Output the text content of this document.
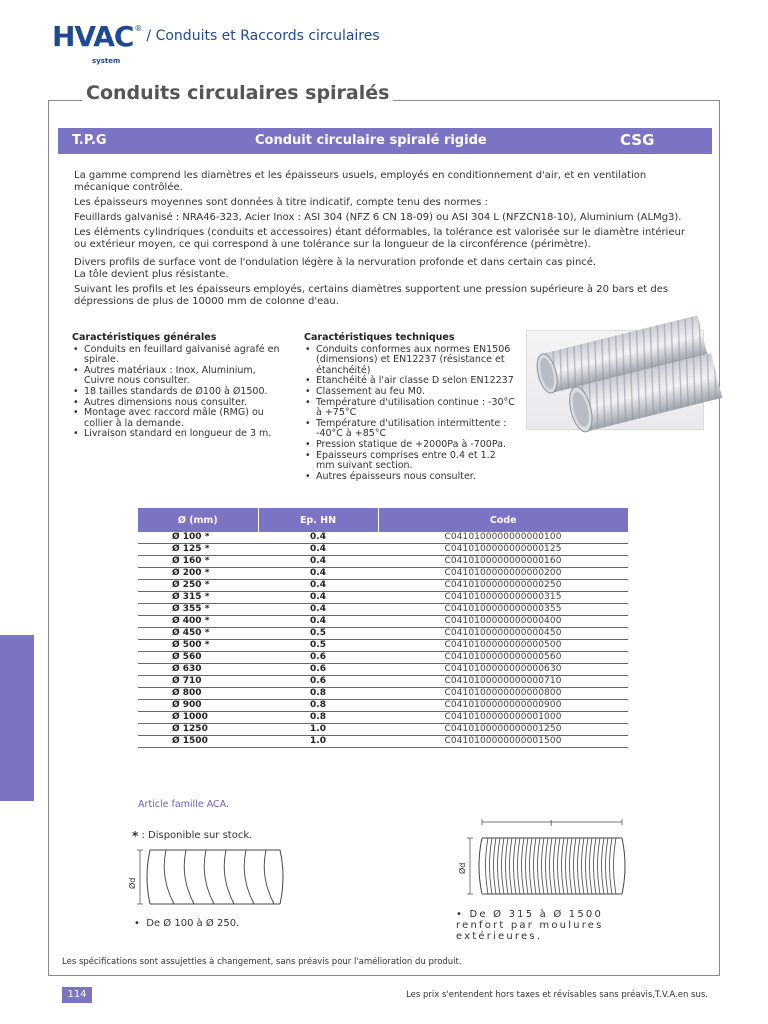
HVAC
system
® / Conduits et Raccords circulaires
Conduits circulaires spiralés
T.P.G	Conduit circulaire spiralé rigide	CSG

La gamme comprend les diamètres et les épaisseurs usuels, employés en conditionnement d'air, et en ventilation mécanique contrôlée.

Les épaisseurs moyennes sont données à titre indicatif, compte tenu des normes :

Feuillards galvanisé : NRA46-323, Acier Inox : ASI 304 (NFZ 6 CN 18-09) ou ASI 304 L (NFZCN18-10), Aluminium (ALMg3).

Les éléments cylindriques (conduits et accessoires) étant déformables, la tolérance est valorisée sur le diamètre intérieur ou extérieur moyen, ce qui correspond à une tolérance sur la longueur de la circonférence (périmètre).

Divers profils de surface vont de l'ondulation légère à la nervuration profonde et dans certain cas pincé.

La tôle devient plus résistante.

Suivant les profils et les épaisseurs employés, certains diamètres supportent une pression supérieure à 20 bars et des dépressions de plus de 10000 mm de colonne d'eau.

Caractéristiques générales
• Conduits en feuillard galvanisé agrafé en spirale.
• Autres matériaux : Inox, Aluminium, Cuivre nous consulter.
• 18 tailles standards de Ø100 à Ø1500.
• Autres dimensions nous consulter.
• Montage avec raccord mâle (RMG) ou collier à la demande.
• Livraison standard en longueur de 3 m.
Caractéristiques techniques
• Conduits conformes aux normes EN1506 (dimensions) et EN12237 (résistance et étanchéité)
• Etanchéité à l'air classe D selon EN12237
• Classement au feu M0.
• Température d'utilisation continue : -30°C à +75°C
• Température d'utilisation intermittente : -40°C à +85°C
• Pression statique de +2000Pa à -700Pa.
• Epaisseurs comprises entre 0.4 et 1.2 mm suivant section.
• Autres épaisseurs nous consulter.
Ø (mm)	Ep. HN	Code
Ø 100 *	0.4	C0410100000000000100
Ø 125 *	0.4	C0410100000000000125
Ø 160 *	0.4	C0410100000000000160
Ø 200 *	0.4	C0410100000000000200
Ø 250 *	0.4	C0410100000000000250
Ø 315 *	0.4	C0410100000000000315
Ø 355 *	0.4	C0410100000000000355
Ø 400 *	0.4	C0410100000000000400
Ø 450 *	0.5	C0410100000000000450
Ø 500 *	0.5	C0410100000000000500
Ø 560	0.6	C0410100000000000560
Ø 630	0.6	C0410100000000000630
Ø 710	0.6	C0410100000000000710
Ø 800	0.8	C0410100000000000800
Ø 900	0.8	C0410100000000000900
Ø 1000	0.8	C0410100000000001000
Ø 1250	1.0	C0410100000000001250
Ø 1500	1.0	C0410100000000001500
Article famille ACA.
* : Disponible sur stock.
Ød
•  De Ø 100 à Ø 250.
l
Ød
• De Ø 315 à Ø 1500 renfort par moulures extérieures.
Les spécifications sont assujetties à changement, sans préavis pour l'amélioration du produit.
114	Les prix s'entendent hors taxes et révisables sans préavis,T.V.A.en sus.
